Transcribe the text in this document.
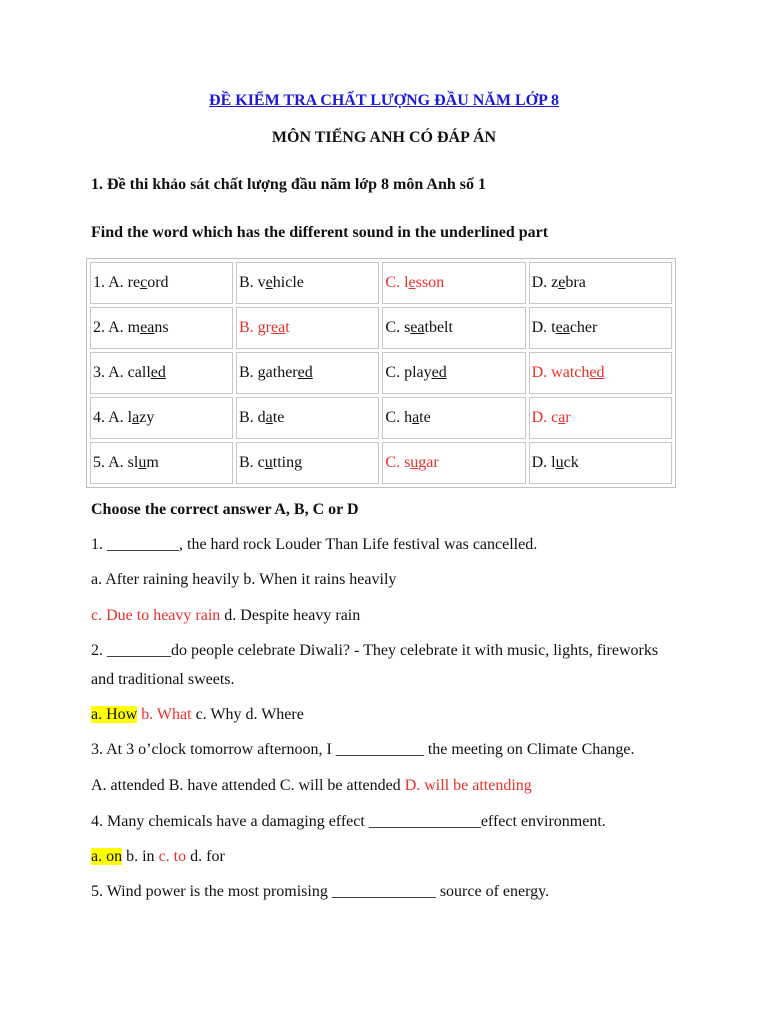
ĐỀ KIỂM TRA CHẤT LƯỢNG ĐẦU NĂM LỚP 8
MÔN TIẾNG ANH CÓ ĐÁP ÁN
1. Đề thi khảo sát chất lượng đầu năm lớp 8 môn Anh số 1
Find the word which has the different sound in the underlined part
1. A. record	B. vehicle	C. lesson	D. zebra
2. A. means	B. great	C. seatbelt	D. teacher
3. A. called	B. gathered	C. played	D. watched
4. A. lazy	B. date	C. hate	D. car
5. A. slum	B. cutting	C. sugar	D. luck
Choose the correct answer A, B, C or D
1. _________, the hard rock Louder Than Life festival was cancelled.
a. After raining heavily b. When it rains heavily
c. Due to heavy rain d. Despite heavy rain
2. ________do people celebrate Diwali? - They celebrate it with music, lights, fireworks
and traditional sweets.
a. How b. What c. Why d. Where
3. At 3 o’clock tomorrow afternoon, I ___________ the meeting on Climate Change.
A. attended B. have attended C. will be attended D. will be attending
4. Many chemicals have a damaging effect ______________effect environment.
a. on b. in c. to d. for
5. Wind power is the most promising _____________ source of energy.
